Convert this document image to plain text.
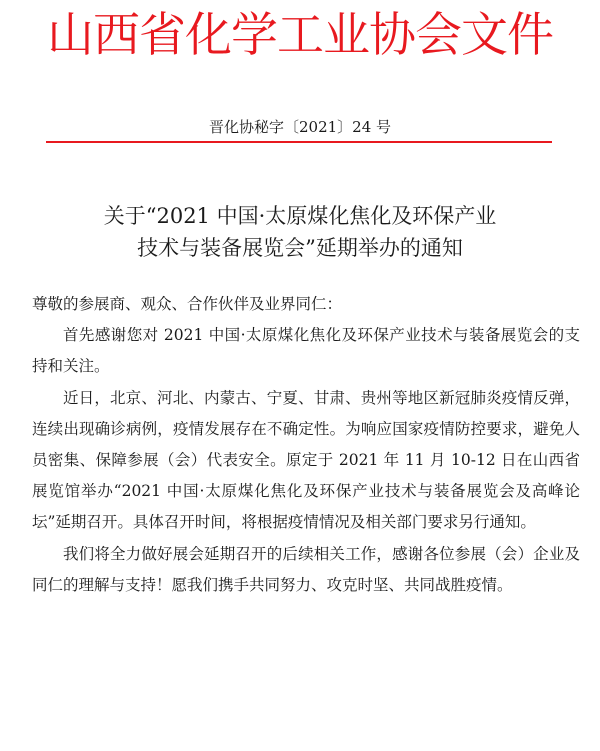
山西省化学工业协会文件
晋化协秘字〔2021〕24 号
关于“2021 中国·太原煤化焦化及环保产业
技术与装备展览会”延期举办的通知

尊敬的参展商、观众、合作伙伴及业界同仁：

首先感谢您对 2021 中国·太原煤化焦化及环保产业技术与装备展览会的支持和关注。

近日，北京、河北、内蒙古、宁夏、甘肃、贵州等地区新冠肺炎疫情反弹，连续出现确诊病例，疫情发展存在不确定性。为响应国家疫情防控要求，避免人员密集、保障参展（会）代表安全。原定于 2021 年 11 月 10-12 日在山西省展览馆举办“2021 中国·太原煤化焦化及环保产业技术与装备展览会及高峰论坛”延期召开。具体召开时间，将根据疫情情况及相关部门要求另行通知。

我们将全力做好展会延期召开的后续相关工作，感谢各位参展（会）企业及同仁的理解与支持！愿我们携手共同努力、攻克时坚、共同战胜疫情。
